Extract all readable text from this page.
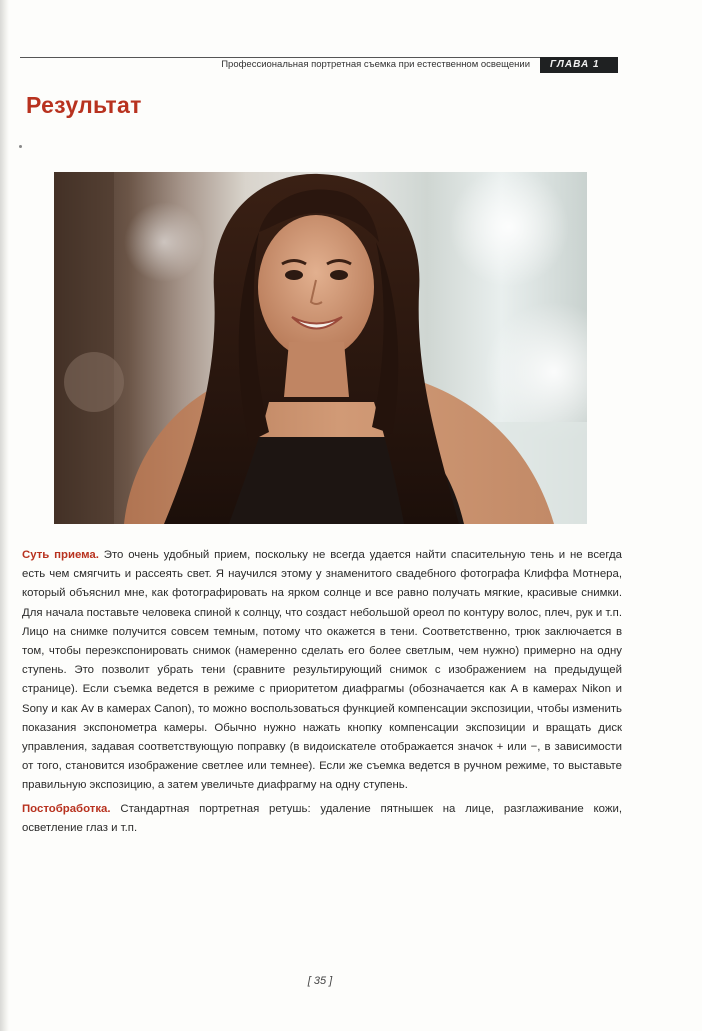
Профессиональная портретная съемка при естественном освещении	ГЛАВА 1
Результат

Суть приема. Это очень удобный прием, поскольку не всегда удается найти спасительную тень и не всегда есть чем смягчить и рассеять свет. Я научился этому у знаменитого свадебного фотографа Клиффа Мотнера, который объяснил мне, как фотографировать на ярком солнце и все равно получать мягкие, красивые снимки. Для начала поставьте человека спиной к солнцу, что создаст небольшой ореол по контуру волос, плеч, рук и т.п. Лицо на снимке получится совсем темным, потому что окажется в тени. Соответственно, трюк заключается в том, чтобы переэкспонировать снимок (намеренно сделать его более светлым, чем нужно) примерно на одну ступень. Это позволит убрать тени (сравните результирующий снимок с изображением на предыдущей странице). Если съемка ведется в режиме с приоритетом диафрагмы (обозначается как A в камерах Nikon и Sony и как Av в камерах Canon), то можно воспользоваться функцией компенсации экспозиции, чтобы изменить показания экспонометра камеры. Обычно нужно нажать кнопку компенсации экспозиции и вращать диск управления, задавая соответствующую поправку (в видоискателе отображается значок + или −, в зависимости от того, становится изображение светлее или темнее). Если же съемка ведется в ручном режиме, то выставьте правильную экспозицию, а затем увеличьте диафрагму на одну ступень.

Постобработка. Стандартная портретная ретушь: удаление пятнышек на лице, разглаживание кожи, осветление глаз и т.п.

[ 35 ]
